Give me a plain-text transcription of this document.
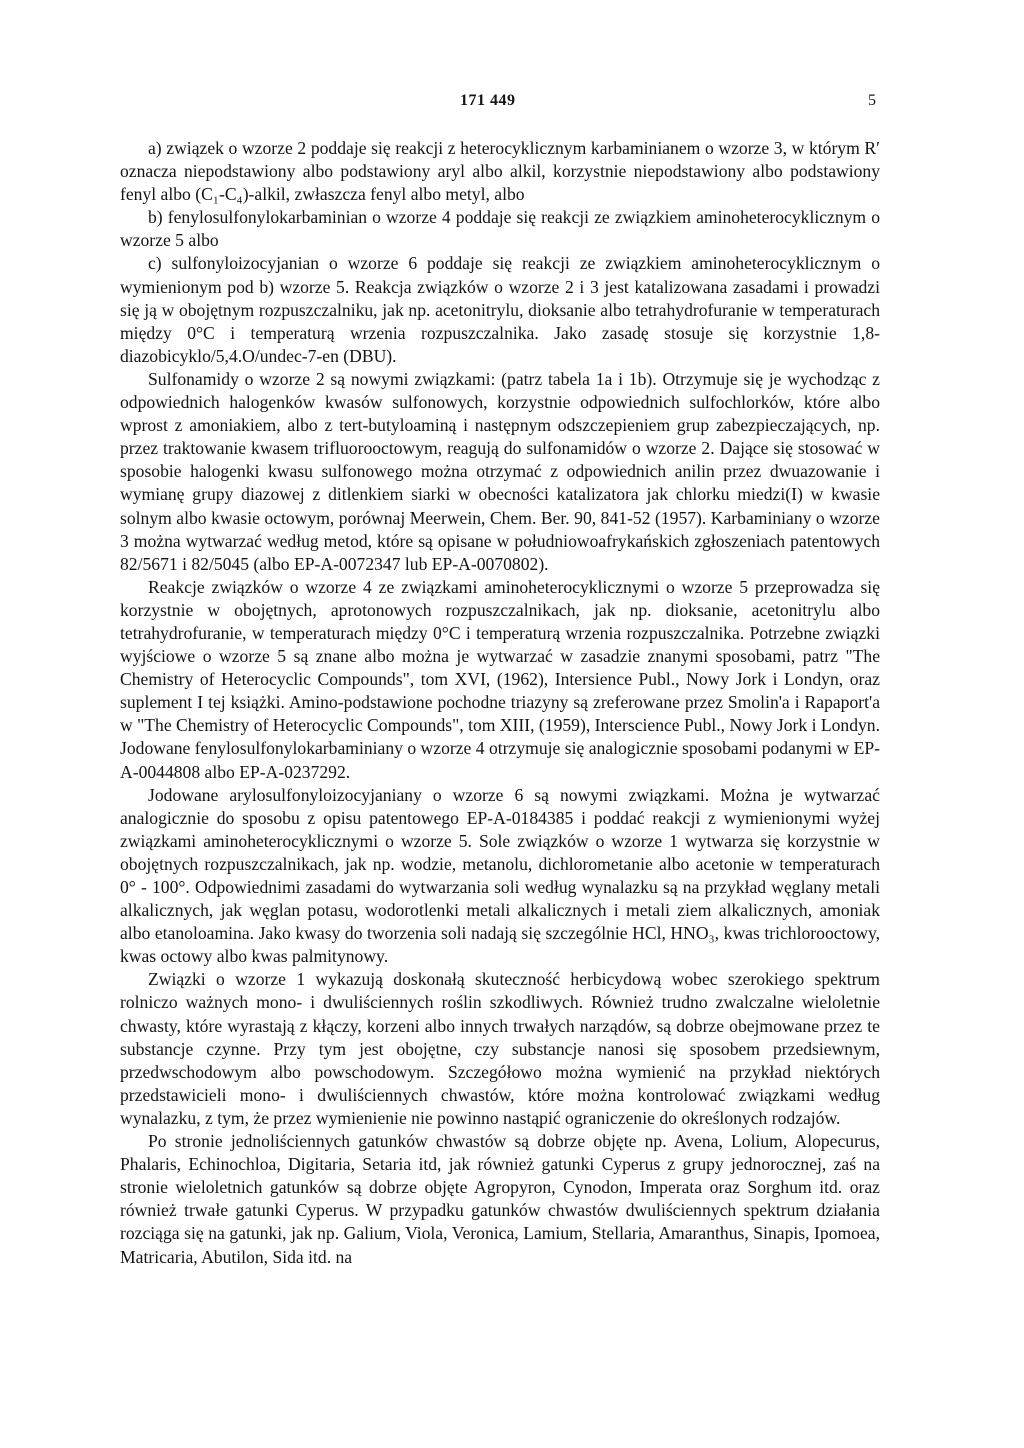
171 449	5

a) związek o wzorze 2 poddaje się reakcji z heterocyklicznym karbaminianem o wzorze 3, w którym R′ oznacza niepodstawiony albo podstawiony aryl albo alkil, korzystnie niepodstawiony albo podstawiony fenyl albo (C₁-C₄)-alkil, zwłaszcza fenyl albo metyl, albo

b) fenylosulfonylokarbaminian o wzorze 4 poddaje się reakcji ze związkiem aminoheterocyklicznym o wzorze 5 albo

c) sulfonyloizocyjanian o wzorze 6 poddaje się reakcji ze związkiem aminoheterocyklicznym o wymienionym pod b) wzorze 5. Reakcja związków o wzorze 2 i 3 jest katalizowana zasadami i prowadzi się ją w obojętnym rozpuszczalniku, jak np. acetonitrylu, dioksanie albo tetrahydrofuranie w temperaturach między 0°C i temperaturą wrzenia rozpuszczalnika. Jako zasadę stosuje się korzystnie 1,8-diazobicyklo/5,4.O/undec-7-en (DBU).

Sulfonamidy o wzorze 2 są nowymi związkami: (patrz tabela 1a i 1b). Otrzymuje się je wychodząc z odpowiednich halogenków kwasów sulfonowych, korzystnie odpowiednich sulfochlorków, które albo wprost z amoniakiem, albo z tert-butyloaminą i następnym odszczepieniem grup zabezpieczających, np. przez traktowanie kwasem trifluorooctowym, reagują do sulfonamidów o wzorze 2. Dające się stosować w sposobie halogenki kwasu sulfonowego można otrzymać z odpowiednich anilin przez dwuazowanie i wymianę grupy diazowej z ditlenkiem siarki w obecności katalizatora jak chlorku miedzi(I) w kwasie solnym albo kwasie octowym, porównaj Meerwein, Chem. Ber. 90, 841-52 (1957). Karbaminiany o wzorze 3 można wytwarzać według metod, które są opisane w południowoafrykańskich zgłoszeniach patentowych 82/5671 i 82/5045 (albo EP-A-0072347 lub EP-A-0070802).

Reakcje związków o wzorze 4 ze związkami aminoheterocyklicznymi o wzorze 5 przeprowadza się korzystnie w obojętnych, aprotonowych rozpuszczalnikach, jak np. dioksanie, acetonitrylu albo tetrahydrofuranie, w temperaturach między 0°C i temperaturą wrzenia rozpuszczalnika. Potrzebne związki wyjściowe o wzorze 5 są znane albo można je wytwarzać w zasadzie znanymi sposobami, patrz "The Chemistry of Heterocyclic Compounds", tom XVI, (1962), Intersience Publ., Nowy Jork i Londyn, oraz suplement I tej książki. Amino-podstawione pochodne triazyny są zreferowane przez Smolin'a i Rapaport'a w "The Chemistry of Heterocyclic Compounds", tom XIII, (1959), Interscience Publ., Nowy Jork i Londyn. Jodowane fenylosulfonylokarbaminiany o wzorze 4 otrzymuje się analogicznie sposobami podanymi w EP-A-0044808 albo EP-A-0237292.

Jodowane arylosulfonyloizocyjaniany o wzorze 6 są nowymi związkami. Można je wytwarzać analogicznie do sposobu z opisu patentowego EP-A-0184385 i poddać reakcji z wymienionymi wyżej związkami aminoheterocyklicznymi o wzorze 5. Sole związków o wzorze 1 wytwarza się korzystnie w obojętnych rozpuszczalnikach, jak np. wodzie, metanolu, dichlorometanie albo acetonie w temperaturach 0° - 100°. Odpowiednimi zasadami do wytwarzania soli według wynalazku są na przykład węglany metali alkalicznych, jak węglan potasu, wodorotlenki metali alkalicznych i metali ziem alkalicznych, amoniak albo etanoloamina. Jako kwasy do tworzenia soli nadają się szczególnie HCl, HNO₃, kwas trichlorooctowy, kwas octowy albo kwas palmitynowy.

Związki o wzorze 1 wykazują doskonałą skuteczność herbicydową wobec szerokiego spektrum rolniczo ważnych mono- i dwuliściennych roślin szkodliwych. Również trudno zwalczalne wieloletnie chwasty, które wyrastają z kłączy, korzeni albo innych trwałych narządów, są dobrze obejmowane przez te substancje czynne. Przy tym jest obojętne, czy substancje nanosi się sposobem przedsiewnym, przedwschodowym albo powschodowym. Szczegółowo można wymienić na przykład niektórych przedstawicieli mono- i dwuliściennych chwastów, które można kontrolować związkami według wynalazku, z tym, że przez wymienienie nie powinno nastąpić ograniczenie do określonych rodzajów.

Po stronie jednoliściennych gatunków chwastów są dobrze objęte np. Avena, Lolium, Alopecurus, Phalaris, Echinochloa, Digitaria, Setaria itd, jak również gatunki Cyperus z grupy jednorocznej, zaś na stronie wieloletnich gatunków są dobrze objęte Agropyron, Cynodon, Imperata oraz Sorghum itd. oraz również trwałe gatunki Cyperus. W przypadku gatunków chwastów dwuliściennych spektrum działania rozciąga się na gatunki, jak np. Galium, Viola, Veronica, Lamium, Stellaria, Amaranthus, Sinapis, Ipomoea, Matricaria, Abutilon, Sida itd. na
